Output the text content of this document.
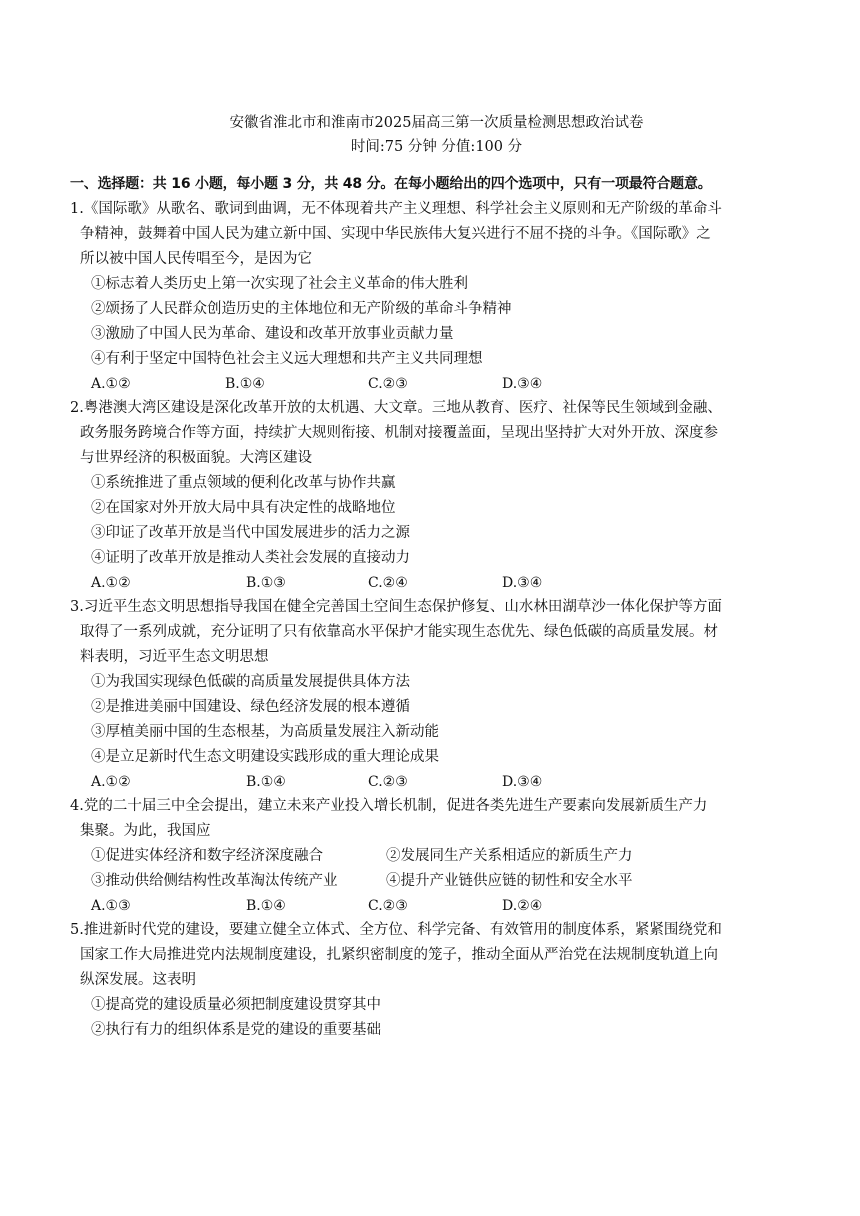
安徽省淮北市和淮南市2025届高三第一次质量检测思想政治试卷

时间:75 分钟 分值:100 分

一、选择题：共 16 小题，每小题 3 分，共 48 分。在每小题给出的四个选项中，只有一项最符合题意。

1.《国际歌》从歌名、歌词到曲调，无不体现着共产主义理想、科学社会主义原则和无产阶级的革命斗

争精神，鼓舞着中国人民为建立新中国、实现中华民族伟大复兴进行不屈不挠的斗争。《国际歌》之

所以被中国人民传唱至今，是因为它

①标志着人类历史上第一次实现了社会主义革命的伟大胜利

②颂扬了人民群众创造历史的主体地位和无产阶级的革命斗争精神

③激励了中国人民为革命、建设和改革开放事业贡献力量

④有利于坚定中国特色社会主义远大理想和共产主义共同理想

A.①②	B.①④	C.②③	D.③④

2.粤港澳大湾区建设是深化改革开放的太机遇、大文章。三地从教育、医疗、社保等民生领域到金融、

政务服务跨境合作等方面，持续扩大规则衔接、机制对接覆盖面，呈现出坚持扩大对外开放、深度参

与世界经济的积极面貌。大湾区建设

①系统推进了重点领域的便利化改革与协作共赢

②在国家对外开放大局中具有决定性的战略地位

③印证了改革开放是当代中国发展进步的活力之源

④证明了改革开放是推动人类社会发展的直接动力

A.①②	B.①③	C.②④	D.③④

3.习近平生态文明思想指导我国在健全完善国土空间生态保护修复、山水林田湖草沙一体化保护等方面

取得了一系列成就，充分证明了只有依靠高水平保护才能实现生态优先、绿色低碳的高质量发展。材

料表明，习近平生态文明思想

①为我国实现绿色低碳的高质量发展提供具体方法

②是推进美丽中国建设、绿色经济发展的根本遵循

③厚植美丽中国的生态根基，为高质量发展注入新动能

④是立足新时代生态文明建设实践形成的重大理论成果

A.①②	B.①④	C.②③	D.③④

4.党的二十届三中全会提出，建立未来产业投入增长机制，促进各类先进生产要素向发展新质生产力

集聚。为此，我国应

①促进实体经济和数字经济深度融合	②发展同生产关系相适应的新质生产力
③推动供给侧结构性改革淘汰传统产业	④提升产业链供应链的韧性和安全水平
A.①③	B.①④	C.②③	D.②④

5.推进新时代党的建设，要建立健全立体式、全方位、科学完备、有效管用的制度体系，紧紧围绕党和

国家工作大局推进党内法规制度建设，扎紧织密制度的笼子，推动全面从严治党在法规制度轨道上向

纵深发展。这表明

①提高党的建设质量必须把制度建设贯穿其中

②执行有力的组织体系是党的建设的重要基础
